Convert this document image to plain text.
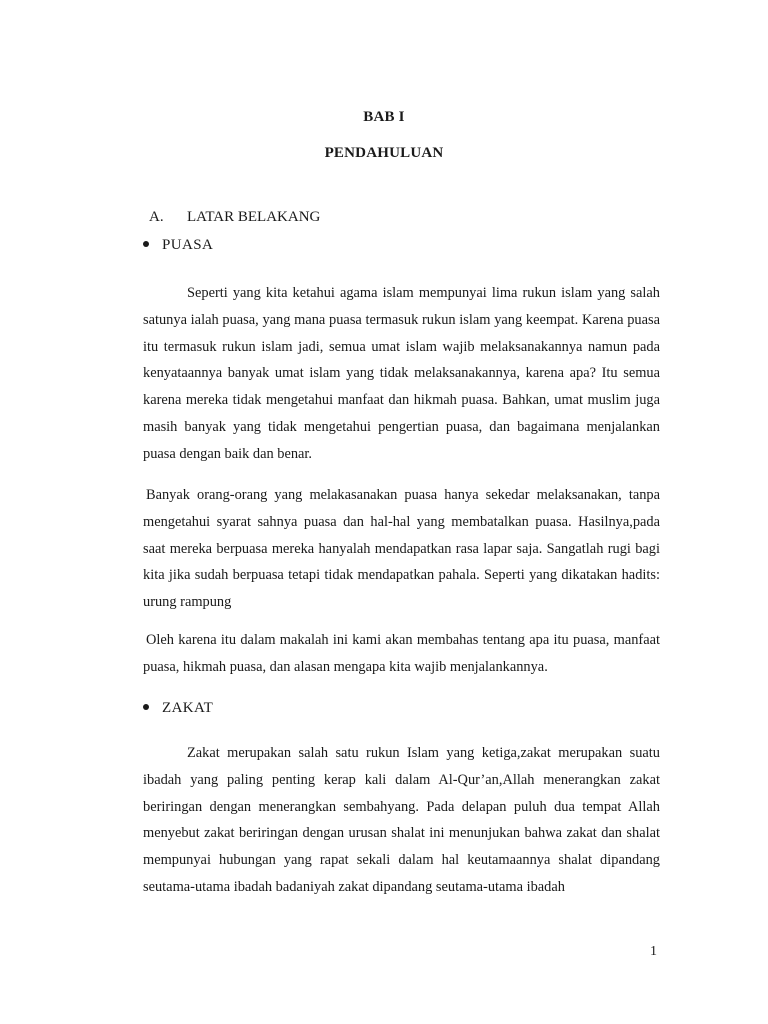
BAB I
PENDAHULUAN
A. LATAR BELAKANG
PUASA

Seperti yang kita ketahui agama islam mempunyai lima rukun islam yang salah satunya ialah puasa, yang mana puasa termasuk rukun islam yang keempat. Karena puasa itu termasuk rukun islam jadi, semua umat islam wajib melaksanakannya namun pada kenyataannya banyak umat islam yang tidak melaksanakannya, karena apa? Itu semua karena mereka tidak mengetahui manfaat dan hikmah puasa. Bahkan, umat muslim juga masih banyak yang tidak mengetahui pengertian puasa, dan bagaimana menjalankan puasa dengan baik dan benar.

Banyak orang-orang yang melakasanakan puasa hanya sekedar melaksanakan, tanpa mengetahui syarat sahnya puasa dan hal-hal yang membatalkan puasa. Hasilnya,pada saat mereka berpuasa mereka hanyalah mendapatkan rasa lapar saja. Sangatlah rugi bagi kita jika sudah berpuasa tetapi tidak mendapatkan pahala. Seperti yang dikatakan hadits: urung rampung

Oleh karena itu dalam makalah ini kami akan membahas tentang apa itu puasa, manfaat puasa, hikmah puasa, dan alasan mengapa kita wajib menjalankannya.

ZAKAT

Zakat merupakan salah satu rukun Islam yang ketiga,zakat merupakan suatu ibadah yang paling penting kerap kali dalam Al-Qur’an,Allah menerangkan zakat beriringan dengan menerangkan sembahyang. Pada delapan puluh dua tempat Allah menyebut zakat beriringan dengan urusan shalat ini menunjukan bahwa zakat dan shalat mempunyai hubungan yang rapat sekali dalam hal keutamaannya shalat dipandang seutama-utama ibadah badaniyah zakat dipandang seutama-utama ibadah

1
